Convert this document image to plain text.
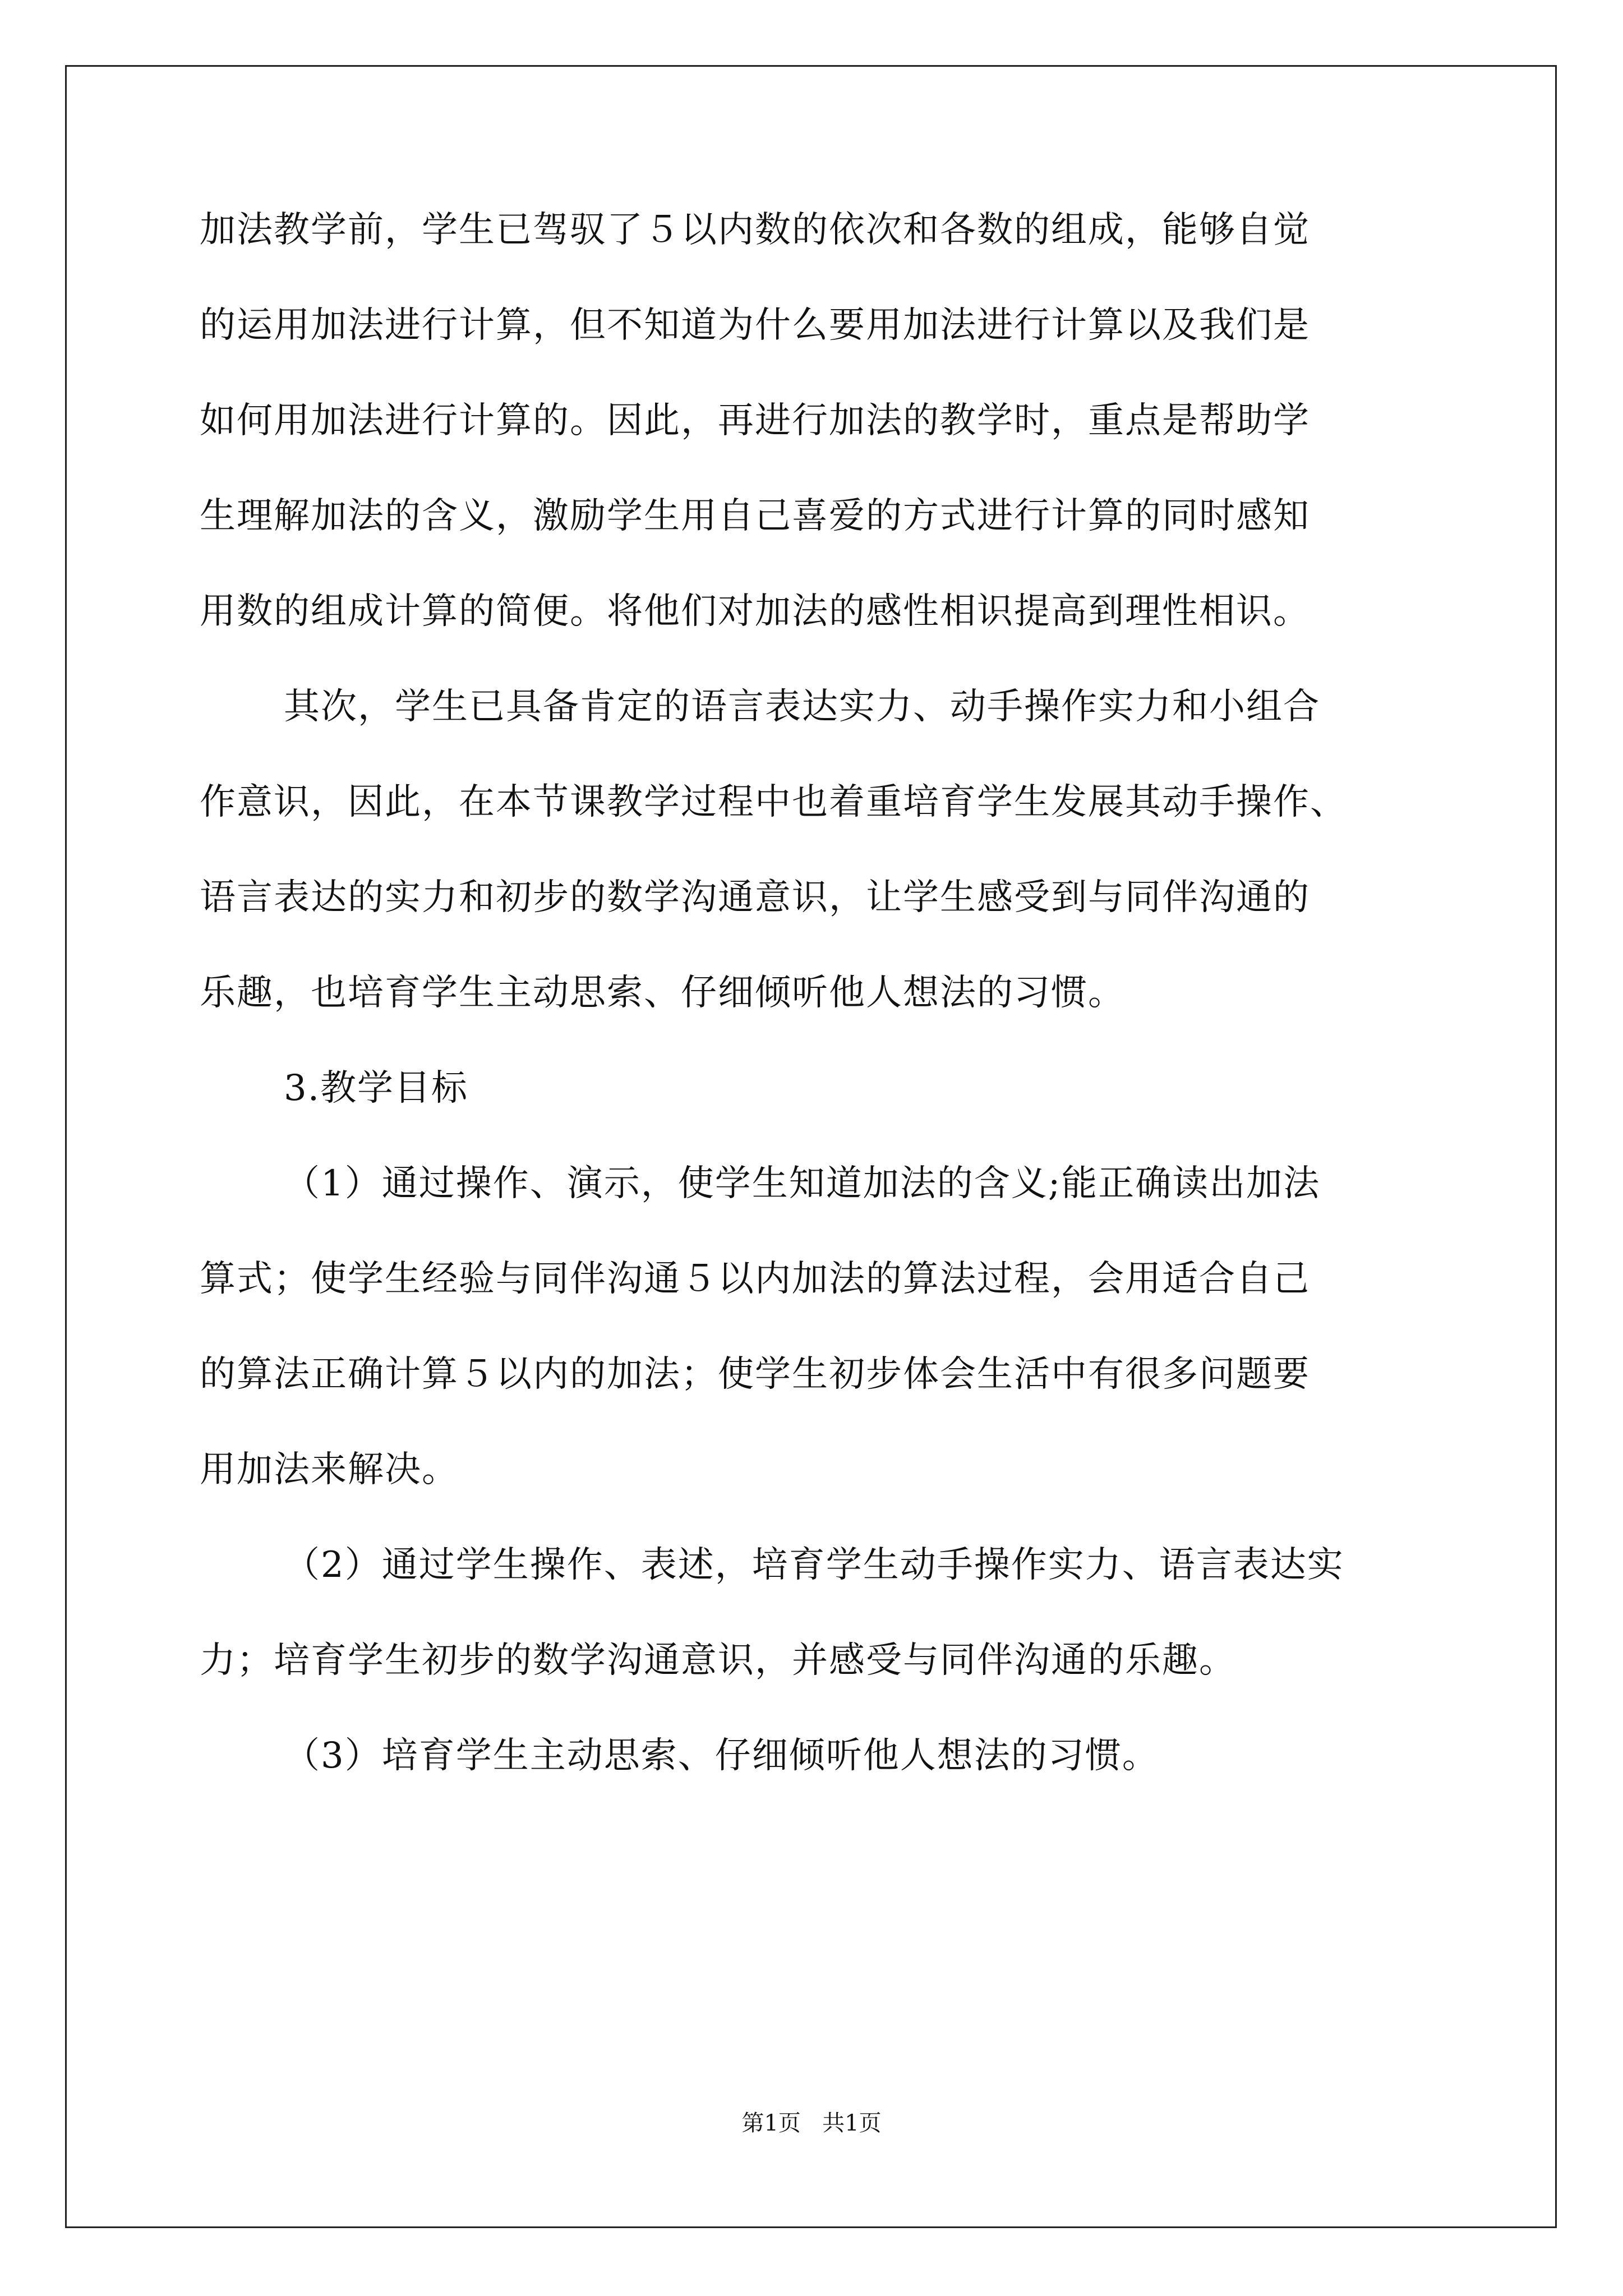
加法教学前，学生已驾驭了５以内数的依次和各数的组成，能够自觉
的运用加法进行计算，但不知道为什么要用加法进行计算以及我们是
如何用加法进行计算的。因此，再进行加法的教学时，重点是帮助学
生理解加法的含义，激励学生用自己喜爱的方式进行计算的同时感知
用数的组成计算的简便。将他们对加法的感性相识提高到理性相识。
其次，学生已具备肯定的语言表达实力、动手操作实力和小组合
作意识，因此，在本节课教学过程中也着重培育学生发展其动手操作、
语言表达的实力和初步的数学沟通意识，让学生感受到与同伴沟通的
乐趣，也培育学生主动思索、仔细倾听他人想法的习惯。
3.教学目标
（1）通过操作、演示，使学生知道加法的含义;能正确读出加法
算式；使学生经验与同伴沟通５以内加法的算法过程，会用适合自己
的算法正确计算５以内的加法；使学生初步体会生活中有很多问题要
用加法来解决。
（2）通过学生操作、表述，培育学生动手操作实力、语言表达实
力；培育学生初步的数学沟通意识，并感受与同伴沟通的乐趣。
（3）培育学生主动思索、仔细倾听他人想法的习惯。
第1页 共1页
